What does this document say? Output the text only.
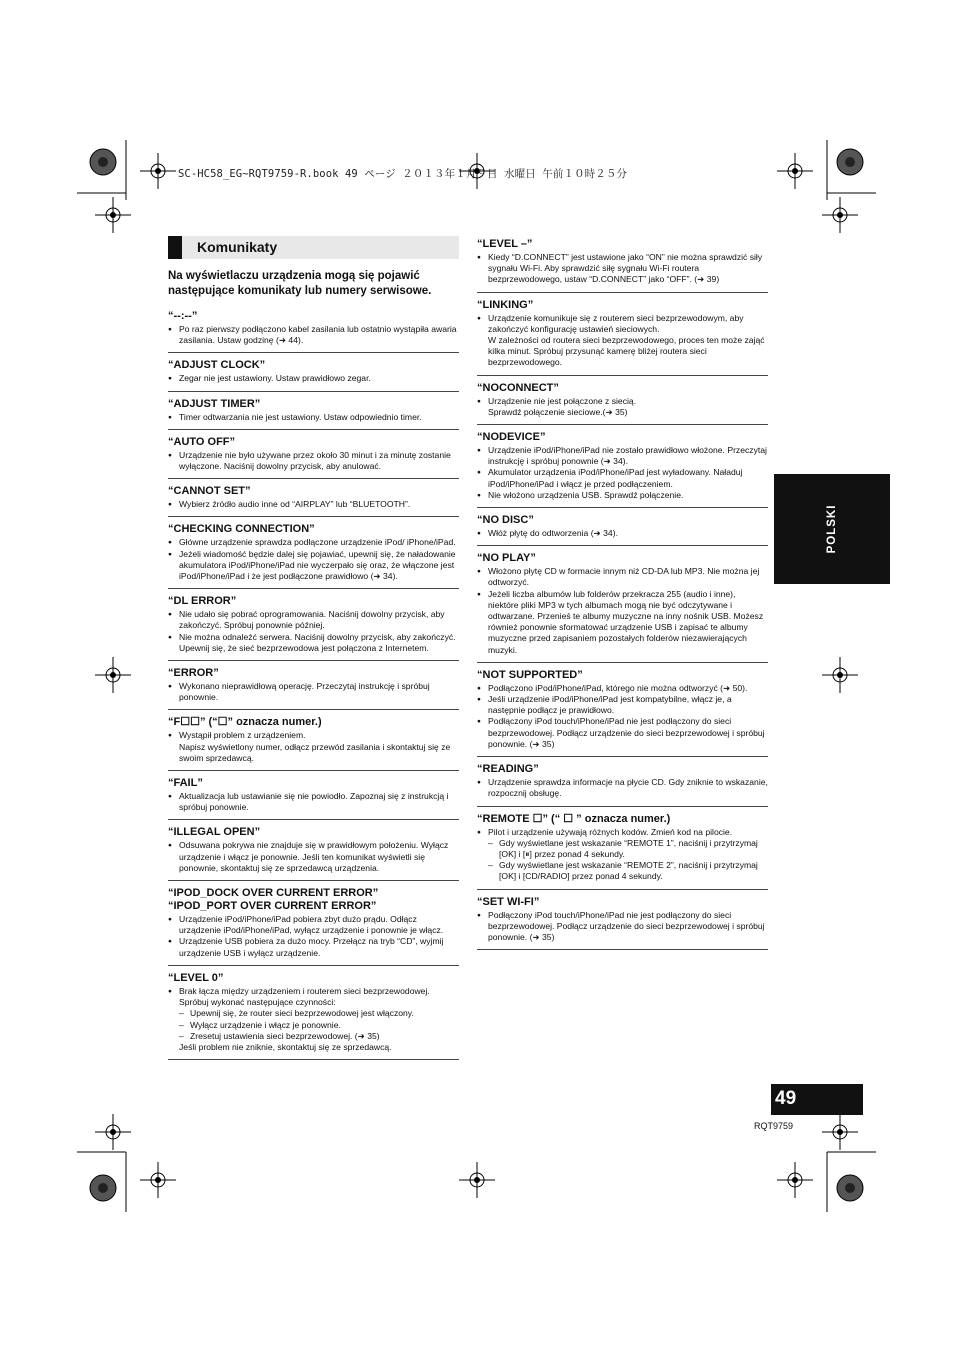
SC-HC58_EG~RQT9759-R.book 49 ページ ２０１３年１月９日 水曜日 午前１０時２５分
Komunikaty
Na wyświetlaczu urządzenia mogą się pojawić następujące komunikaty lub numery serwisowe.
“--:--”
● Po raz pierwszy podłączono kabel zasilania lub ostatnio wystąpiła awaria zasilania. Ustaw godzinę (➜ 44).
“ADJUST CLOCK”
● Zegar nie jest ustawiony. Ustaw prawidłowo zegar.
“ADJUST TIMER”
● Timer odtwarzania nie jest ustawiony. Ustaw odpowiednio timer.
“AUTO OFF”
● Urządzenie nie było używane przez około 30 minut i za minutę zostanie wyłączone. Naciśnij dowolny przycisk, aby anulować.
“CANNOT SET”
● Wybierz źródło audio inne od “AIRPLAY” lub “BLUETOOTH”.
“CHECKING CONNECTION”
● Główne urządzenie sprawdza podłączone urządzenie iPod/ iPhone/iPad.
● Jeżeli wiadomość będzie dalej się pojawiać, upewnij się, że naładowanie akumulatora iPod/iPhone/iPad nie wyczerpało się oraz, że włączone jest iPod/iPhone/iPad i że jest podłączone prawidłowo (➜ 34).
“DL ERROR”
● Nie udało się pobrać oprogramowania. Naciśnij dowolny przycisk, aby zakończyć. Spróbuj ponownie później.
● Nie można odnaleźć serwera. Naciśnij dowolny przycisk, aby zakończyć. Upewnij się, że sieć bezprzewodowa jest połączona z Internetem.
“ERROR”
● Wykonano nieprawidłową operację. Przeczytaj instrukcję i spróbuj ponownie.
“F☐☐” (“☐” oznacza numer.)
● Wystąpił problem z urządzeniem.
Napisz wyświetlony numer, odłącz przewód zasilania i skontaktuj się ze swoim sprzedawcą.
“FAIL”
● Aktualizacja lub ustawianie się nie powiodło. Zapoznaj się z instrukcją i spróbuj ponownie.
“ILLEGAL OPEN”
● Odsuwana pokrywa nie znajduje się w prawidłowym położeniu. Wyłącz urządzenie i włącz je ponownie. Jeśli ten komunikat wyświetli się ponownie, skontaktuj się ze sprzedawcą urządzenia.
“IPOD_DOCK OVER CURRENT ERROR”
“IPOD_PORT OVER CURRENT ERROR”
● Urządzenie iPod/iPhone/iPad pobiera zbyt dużo prądu. Odłącz urządzenie iPod/iPhone/iPad, wyłącz urządzenie i ponownie je włącz.
● Urządzenie USB pobiera za dużo mocy. Przełącz na tryb “CD”, wyjmij urządzenie USB i wyłącz urządzenie.
“LEVEL 0”
● Brak łącza między urządzeniem i routerem sieci bezprzewodowej. Spróbuj wykonać następujące czynności:
– Upewnij się, że router sieci bezprzewodowej jest włączony.
– Wyłącz urządzenie i włącz je ponownie.
– Zresetuj ustawienia sieci bezprzewodowej. (➜ 35)
Jeśli problem nie zniknie, skontaktuj się ze sprzedawcą.
“LEVEL –”
● Kiedy “D.CONNECT” jest ustawione jako “ON” nie można sprawdzić siły sygnału Wi-Fi. Aby sprawdzić siłę sygnału Wi-Fi routera bezprzewodowego, ustaw “D.CONNECT” jako “OFF”. (➜ 39)
“LINKING”
● Urządzenie komunikuje się z routerem sieci bezprzewodowym, aby zakończyć konfigurację ustawień sieciowych.
W zależności od routera sieci bezprzewodowego, proces ten może zająć kilka minut. Spróbuj przysunąć kamerę bliżej routera sieci bezprzewodowego.
“NOCONNECT”
● Urządzenie nie jest połączone z siecią.
Sprawdź połączenie sieciowe.(➜ 35)
“NODEVICE”
● Urządzenie iPod/iPhone/iPad nie zostało prawidłowo włożone. Przeczytaj instrukcję i spróbuj ponownie (➜ 34).
● Akumulator urządzenia iPod/iPhone/iPad jest wyładowany. Naładuj iPod/iPhone/iPad i włącz je przed podłączeniem.
● Nie włożono urządzenia USB. Sprawdź połączenie.
“NO DISC”
● Włóż płytę do odtworzenia (➜ 34).
“NO PLAY”
● Włożono płytę CD w formacie innym niż CD-DA lub MP3. Nie można jej odtworzyć.
● Jeżeli liczba albumów lub folderów przekracza 255 (audio i inne), niektóre pliki MP3 w tych albumach mogą nie być odczytywane i odtwarzane. Przenieś te albumy muzyczne na inny nośnik USB. Możesz również ponownie sformatować urządzenie USB i zapisać te albumy muzyczne przed zapisaniem pozostałych folderów niezawierających muzyki.
“NOT SUPPORTED”
● Podłączono iPod/iPhone/iPad, którego nie można odtworzyć (➜ 50).
● Jeśli urządzenie iPod/iPhone/iPad jest kompatybilne, włącz je, a następnie podłącz je prawidłowo.
● Podłączony iPod touch/iPhone/iPad nie jest podłączony do sieci bezprzewodowej. Podłącz urządzenie do sieci bezprzewodowej i spróbuj ponownie. (➜ 35)
“READING”
● Urządzenie sprawdza informacje na płycie CD. Gdy zniknie to wskazanie, rozpocznij obsługę.
“REMOTE ☐” (“ ☐ ” oznacza numer.)
● Pilot i urządzenie używają różnych kodów. Zmień kod na pilocie.
– Gdy wyświetlane jest wskazanie “REMOTE 1”, naciśnij i przytrzymaj [OK] i [⏸] przez ponad 4 sekundy.
– Gdy wyświetlane jest wskazanie “REMOTE 2”, naciśnij i przytrzymaj [OK] i [CD/RADIO] przez ponad 4 sekundy.
“SET WI-FI”
● Podłączony iPod touch/iPhone/iPad nie jest podłączony do sieci bezprzewodowej. Podłącz urządzenie do sieci bezprzewodowej i spróbuj ponownie. (➜ 35)
POLSKI
49
RQT9759
